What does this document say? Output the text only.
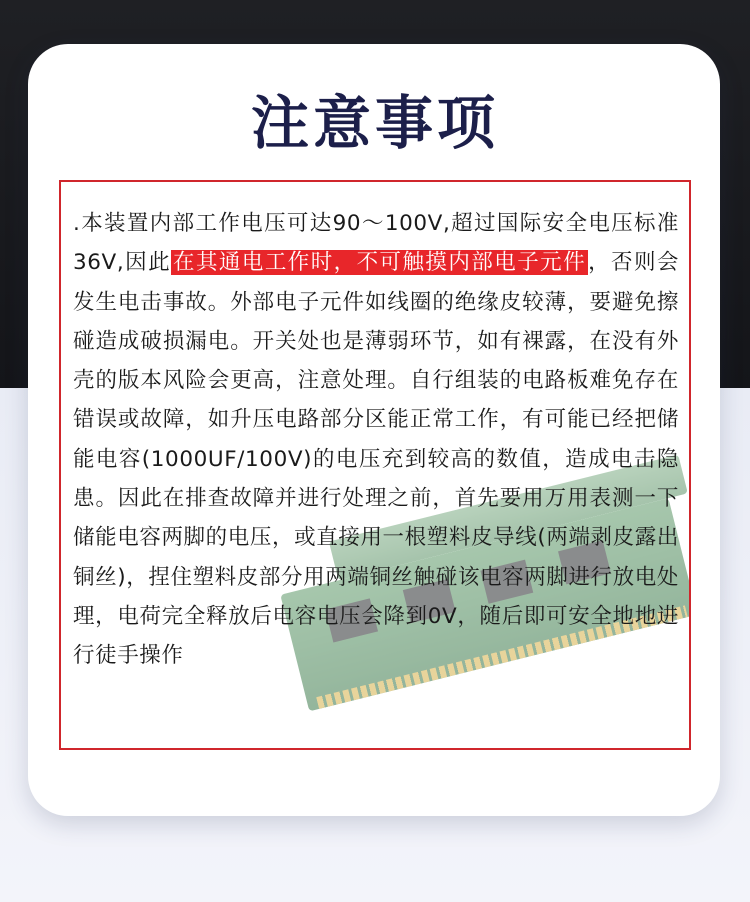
注意事项

.本装置内部工作电压可达90～100V,超过国际安全电压标准36V,因此在其通电工作时，不可触摸内部电子元件，否则会发生电击事故。外部电子元件如线圈的绝缘皮较薄，要避免擦碰造成破损漏电。开关处也是薄弱环节，如有裸露，在没有外壳的版本风险会更高，注意处理。自行组装的电路板难免存在错误或故障，如升压电路部分区能正常工作，有可能已经把储能电容(1000UF/100V)的电压充到较高的数值，造成电击隐患。因此在排查故障并进行处理之前，首先要用万用表测一下储能电容两脚的电压，或直接用一根塑料皮导线(两端剥皮露出铜丝)，捏住塑料皮部分用两端铜丝触碰该电容两脚进行放电处理，电荷完全释放后电容电压会降到0V，随后即可安全地地进行徒手操作
